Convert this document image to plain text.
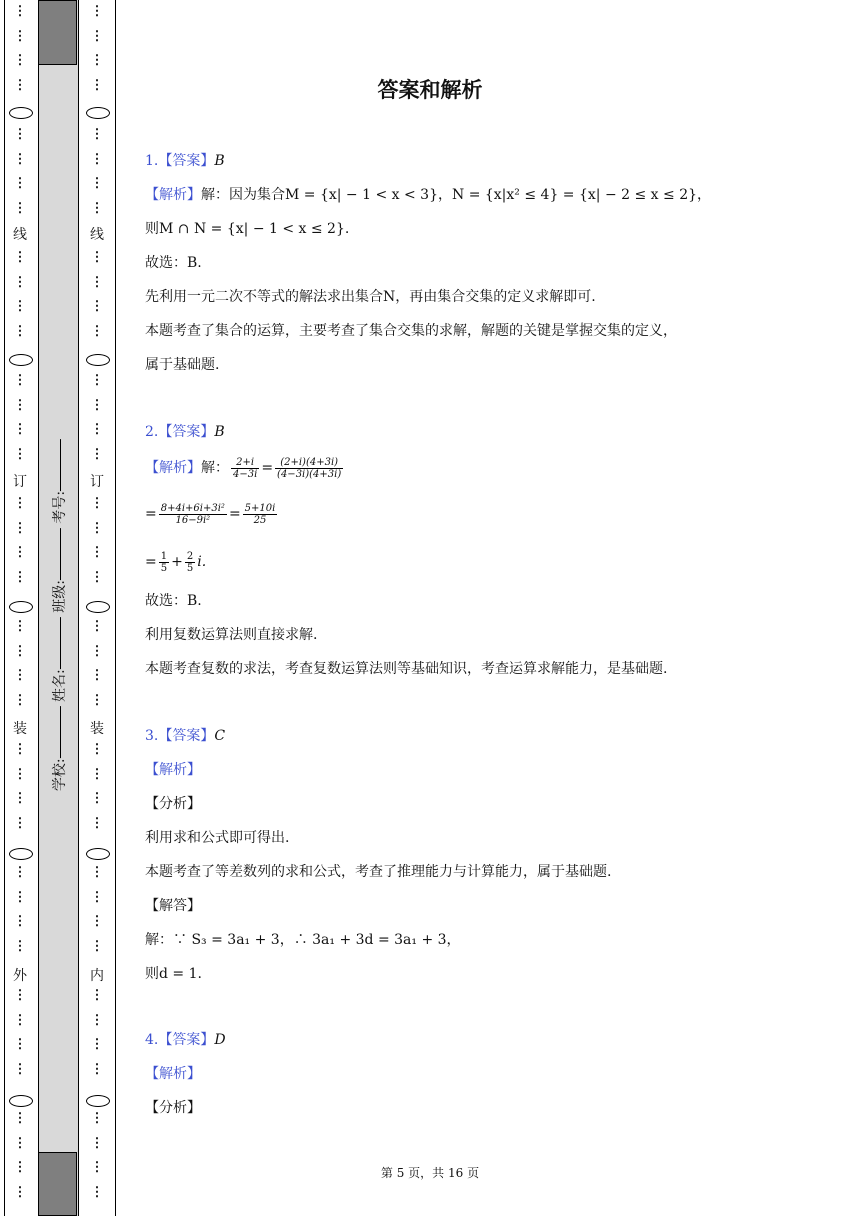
线
订
装
外
⋮
⋮
⋮
⋮
⋮
⋮
⋮
⋮
⋮
⋮
⋮
⋮
⋮
⋮
⋮
⋮
⋮
⋮
⋮
⋮
⋮
⋮
⋮
⋮
⋮
⋮
⋮
⋮
⋮
⋮
⋮
⋮
⋮
⋮
⋮
⋮
⋮
⋮
⋮
⋮
线
订
装
内
⋮
⋮
⋮
⋮
⋮
⋮
⋮
⋮
⋮
⋮
⋮
⋮
⋮
⋮
⋮
⋮
⋮
⋮
⋮
⋮
⋮
⋮
⋮
⋮
⋮
⋮
⋮
⋮
⋮
⋮
⋮
⋮
⋮
⋮
⋮
⋮
⋮
⋮
⋮
⋮
学校: 姓名: 班级: 考号:
答案和解析
1.【答案】B
【解析】解：因为集合M = {x| − 1 < x < 3}，N = {x|x² ≤ 4} = {x| − 2 ≤ x ≤ 2}，
则M ∩ N = {x| − 1 < x ≤ 2}.
故选：B.
先利用一元二次不等式的解法求出集合N，再由集合交集的定义求解即可.
本题考查了集合的运算，主要考查了集合交集的求解，解题的关键是掌握交集的定义，
属于基础题.
2.【答案】B
【解析】解： $\frac{2+i}{4-3i} = \frac{(2+i)(4+3i)}{(4-3i)(4+3i)}$
= $\frac{\text{8+4i+6i+3i²}}{\text{16−9i²}} = \frac{5+10i}{25}$
= $\frac{1}{5} + \frac{2}{5} i$.
故选：B.
利用复数运算法则直接求解.
本题考查复数的求法，考查复数运算法则等基础知识，考查运算求解能力，是基础题.
3.【答案】C
【解析】
【分析】
利用求和公式即可得出.
本题考查了等差数列的求和公式，考查了推理能力与计算能力，属于基础题.
【解答】
解：∵ S₃ = 3a₁ + 3，∴ 3a₁ + 3d = 3a₁ + 3，
则d = 1.
4.【答案】D
【解析】
【分析】
第 5 页，共 16 页
